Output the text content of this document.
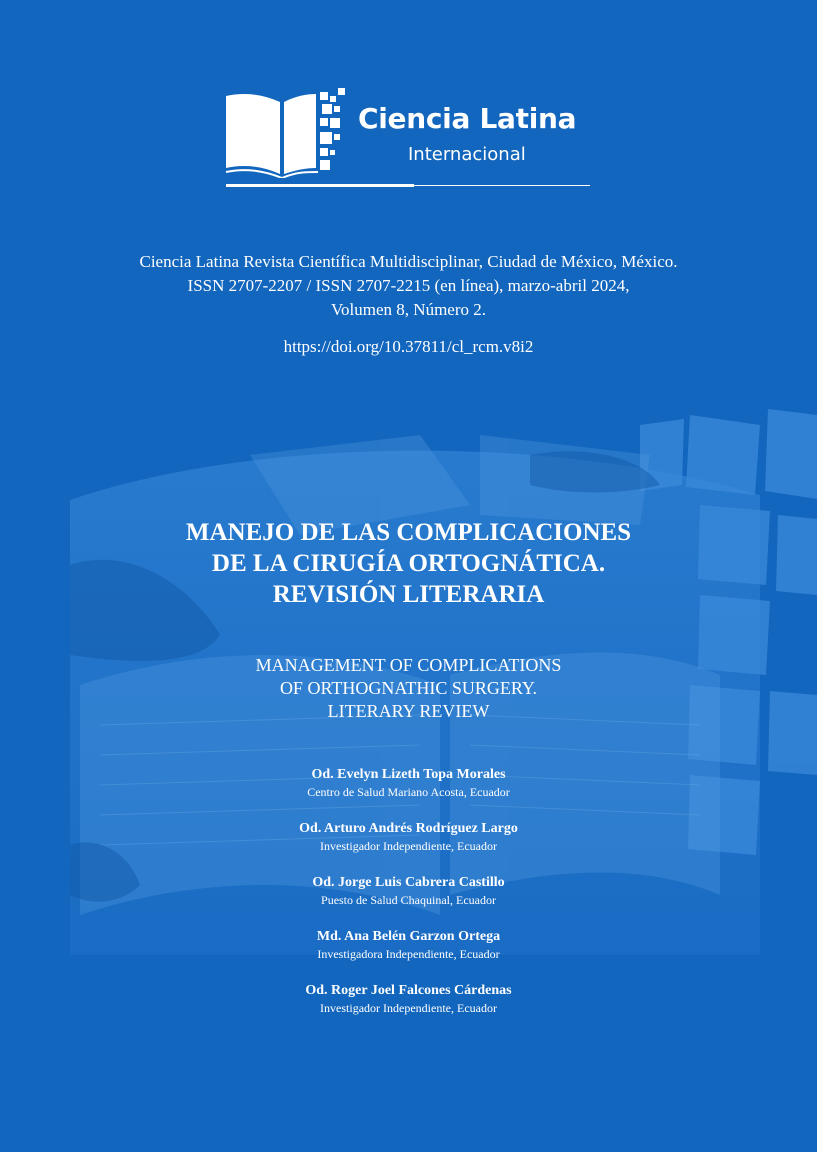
Ciencia Latina
Internacional
Ciencia Latina Revista Científica Multidisciplinar, Ciudad de México, México.
ISSN 2707-2207 / ISSN 2707-2215 (en línea), marzo-abril 2024,
Volumen 8, Número 2.
https://doi.org/10.37811/cl_rcm.v8i2
MANEJO DE LAS COMPLICACIONES
DE LA CIRUGÍA ORTOGNÁTICA.
REVISIÓN LITERARIA
MANAGEMENT OF COMPLICATIONS
OF ORTHOGNATHIC SURGERY.
LITERARY REVIEW
Od. Evelyn Lizeth Topa Morales
Centro de Salud Mariano Acosta, Ecuador
Od. Arturo Andrés Rodríguez Largo
Investigador Independiente, Ecuador
Od. Jorge Luis Cabrera Castillo
Puesto de Salud Chaquinal, Ecuador
Md. Ana Belén Garzon Ortega
Investigadora Independiente, Ecuador
Od. Roger Joel Falcones Cárdenas
Investigador Independiente, Ecuador
